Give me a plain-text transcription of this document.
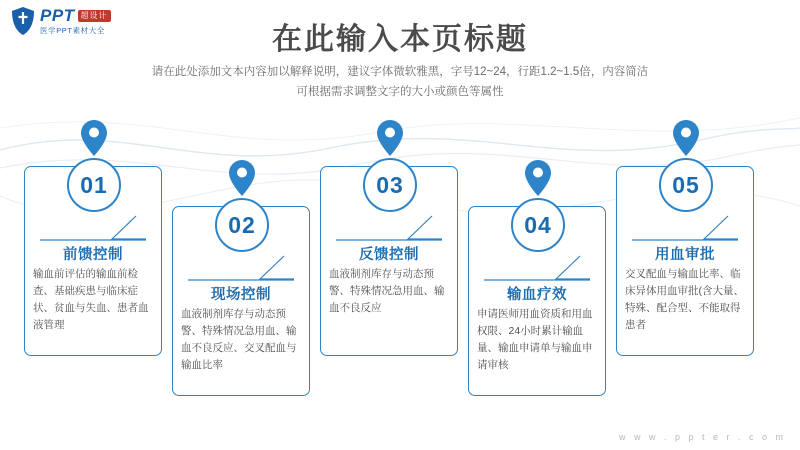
PPT 超设计
医学PPT素材大全	在此输入本页标题
请在此处添加文本内容加以解释说明，建议字体微软雅黑，字号12~24，行距1.2~1.5倍，内容简洁
可根据需求调整文字的大小或颜色等属性
01
前馈控制
输血前评估的输血前检查、基础疾患与临床症状、贫血与失血、患者血液管理
02
现场控制
血液制剂库存与动态预警、特殊情况急用血、输血不良反应、交叉配血与输血比率
03
反馈控制
血液制剂库存与动态预警、特殊情况急用血、输血不良反应
04
输血疗效
申请医师用血资质和用血权限、24小时累计输血量、输血申请单与输血申请审核
05
用血审批
交叉配血与输血比率、临床异体用血审批(含大量、特殊、配合型、不能取得患者
w w w . p p t e r . c o m
